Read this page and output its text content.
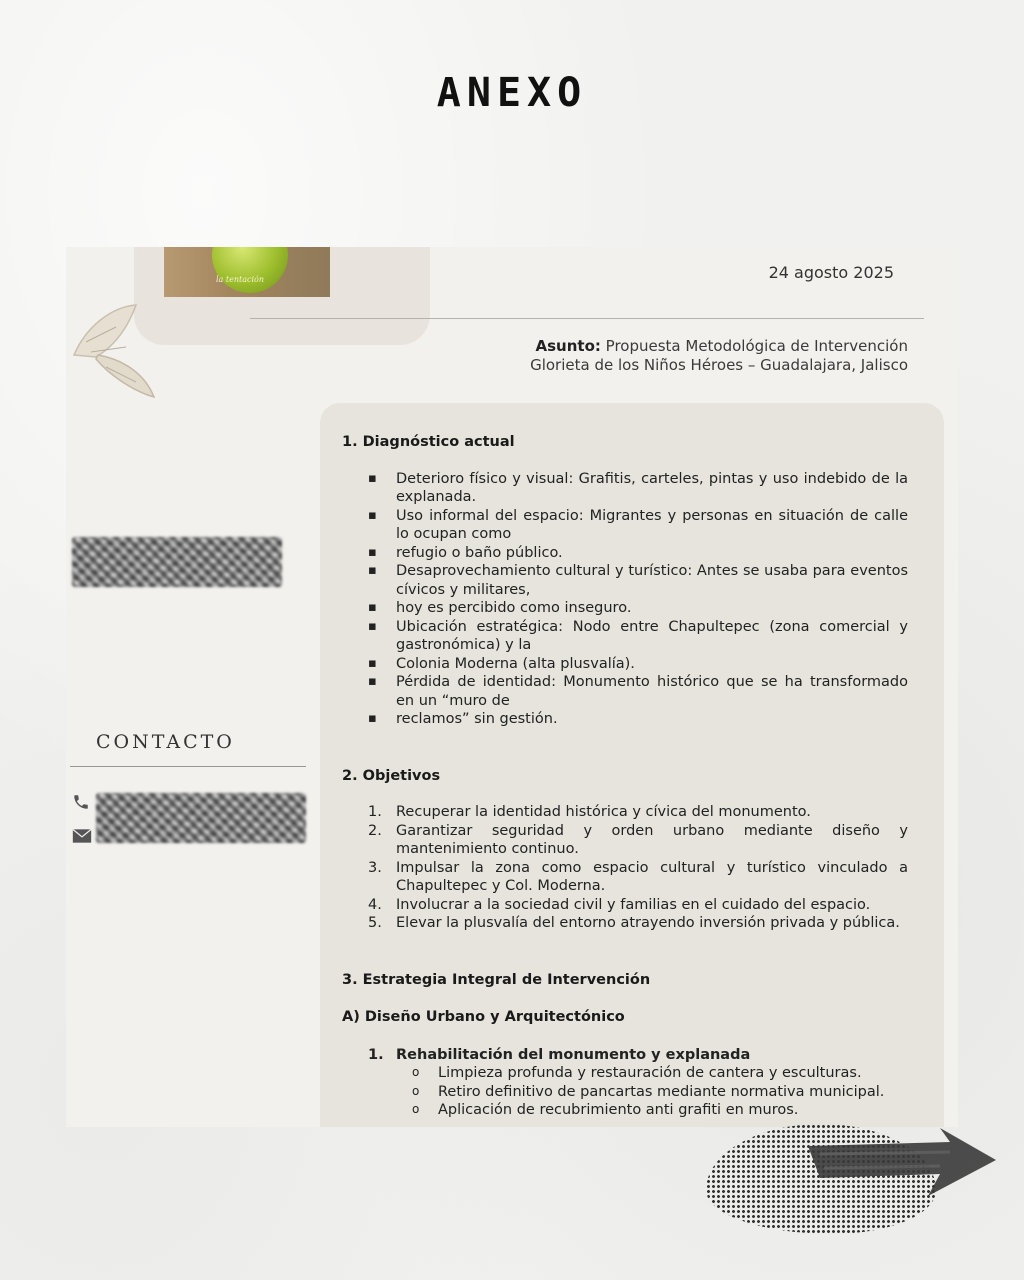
ANEXO
la tentación	24 agosto 2025
Asunto: Propuesta Metodológica de Intervención
Glorieta de los Niños Héroes – Guadalajara, Jalisco
CONTACTO

1. Diagnóstico actual

▪ Deterioro físico y visual: Grafitis, carteles, pintas y uso indebido de la explanada.
▪ Uso informal del espacio: Migrantes y personas en situación de calle lo ocupan como
▪ refugio o baño público.
▪ Desaprovechamiento cultural y turístico: Antes se usaba para eventos cívicos y militares,
▪ hoy es percibido como inseguro.
▪ Ubicación estratégica: Nodo entre Chapultepec (zona comercial y gastronómica) y la
▪ Colonia Moderna (alta plusvalía).
▪ Pérdida de identidad: Monumento histórico que se ha transformado en un “muro de
▪ reclamos” sin gestión.

2. Objetivos

1. Recuperar la identidad histórica y cívica del monumento.
2. Garantizar seguridad y orden urbano mediante diseño y mantenimiento continuo.
3. Impulsar la zona como espacio cultural y turístico vinculado a Chapultepec y Col. Moderna.
4. Involucrar a la sociedad civil y familias en el cuidado del espacio.
5. Elevar la plusvalía del entorno atrayendo inversión privada y pública.

3. Estrategia Integral de Intervención

A) Diseño Urbano y Arquitectónico

1. Rehabilitación del monumento y explanada
o Limpieza profunda y restauración de cantera y esculturas.
o Retiro definitivo de pancartas mediante normativa municipal.
o Aplicación de recubrimiento anti grafiti en muros.
